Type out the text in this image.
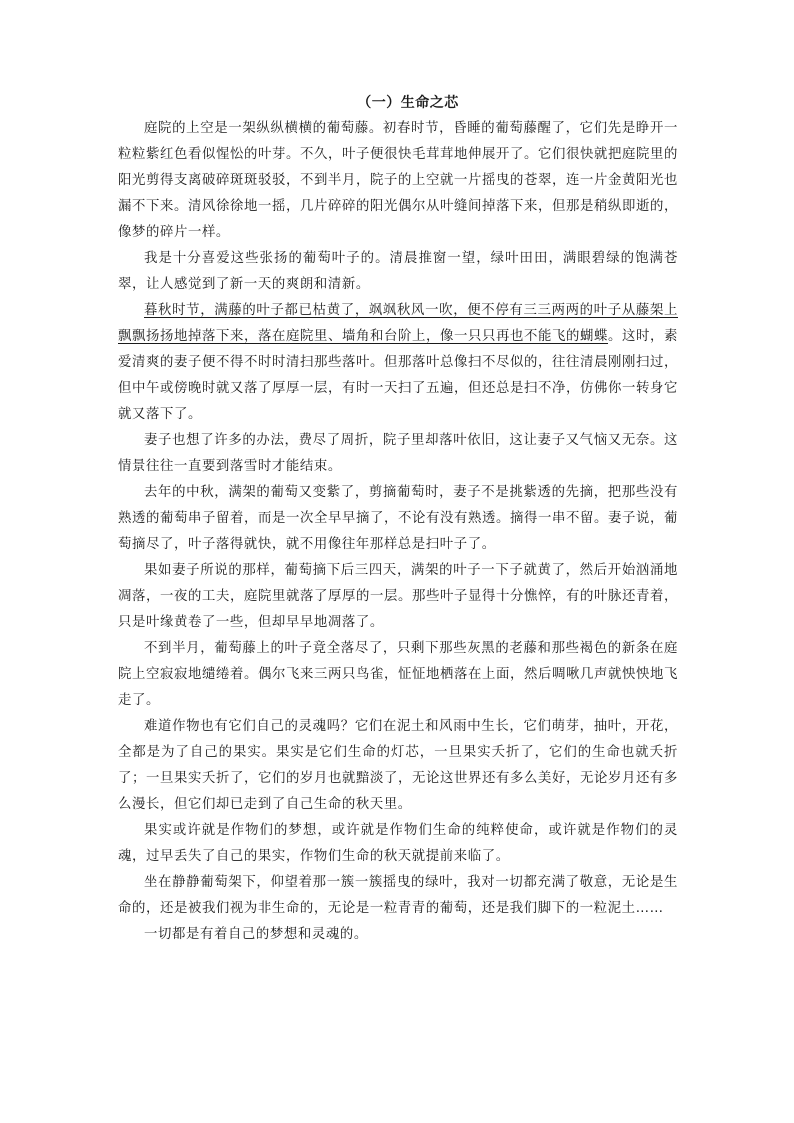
（一）生命之芯

庭院的上空是一架纵纵横横的葡萄藤。初春时节，昏睡的葡萄藤醒了，它们先是睁开一粒粒紫红色看似惺忪的叶芽。不久，叶子便很快毛茸茸地伸展开了。它们很快就把庭院里的阳光剪得支离破碎斑斑驳驳，不到半月，院子的上空就一片摇曳的苍翠，连一片金黄阳光也漏不下来。清风徐徐地一摇，几片碎碎的阳光偶尔从叶缝间掉落下来，但那是稍纵即逝的，像梦的碎片一样。

我是十分喜爱这些张扬的葡萄叶子的。清晨推窗一望，绿叶田田，满眼碧绿的饱满苍翠，让人感觉到了新一天的爽朗和清新。

暮秋时节，满藤的叶子都已枯黄了，飒飒秋风一吹，便不停有三三两两的叶子从藤架上飘飘扬扬地掉落下来，落在庭院里、墙角和台阶上，像一只只再也不能飞的蝴蝶。这时，素爱清爽的妻子便不得不时时清扫那些落叶。但那落叶总像扫不尽似的，往往清晨刚刚扫过，但中午或傍晚时就又落了厚厚一层，有时一天扫了五遍，但还总是扫不净，仿佛你一转身它就又落下了。

妻子也想了许多的办法，费尽了周折，院子里却落叶依旧，这让妻子又气恼又无奈。这情景往往一直要到落雪时才能结束。

去年的中秋，满架的葡萄又变紫了，剪摘葡萄时，妻子不是挑紫透的先摘，把那些没有熟透的葡萄串子留着，而是一次全早早摘了，不论有没有熟透。摘得一串不留。妻子说，葡萄摘尽了，叶子落得就快，就不用像往年那样总是扫叶子了。

果如妻子所说的那样，葡萄摘下后三四天，满架的叶子一下子就黄了，然后开始汹涌地凋落，一夜的工夫，庭院里就落了厚厚的一层。那些叶子显得十分憔悴，有的叶脉还青着，只是叶缘黄卷了一些，但却早早地凋落了。

不到半月，葡萄藤上的叶子竟全落尽了，只剩下那些灰黑的老藤和那些褐色的新条在庭院上空寂寂地缱绻着。偶尔飞来三两只鸟雀，怔怔地栖落在上面，然后啁啾几声就怏怏地飞走了。

难道作物也有它们自己的灵魂吗？它们在泥土和风雨中生长，它们萌芽，抽叶，开花，全都是为了自己的果实。果实是它们生命的灯芯，一旦果实夭折了，它们的生命也就夭折了；一旦果实夭折了，它们的岁月也就黯淡了，无论这世界还有多么美好，无论岁月还有多么漫长，但它们却已走到了自己生命的秋天里。

果实或许就是作物们的梦想，或许就是作物们生命的纯粹使命，或许就是作物们的灵魂，过早丢失了自己的果实，作物们生命的秋天就提前来临了。

坐在静静葡萄架下，仰望着那一簇一簇摇曳的绿叶，我对一切都充满了敬意，无论是生命的，还是被我们视为非生命的，无论是一粒青青的葡萄，还是我们脚下的一粒泥土……

一切都是有着自己的梦想和灵魂的。
